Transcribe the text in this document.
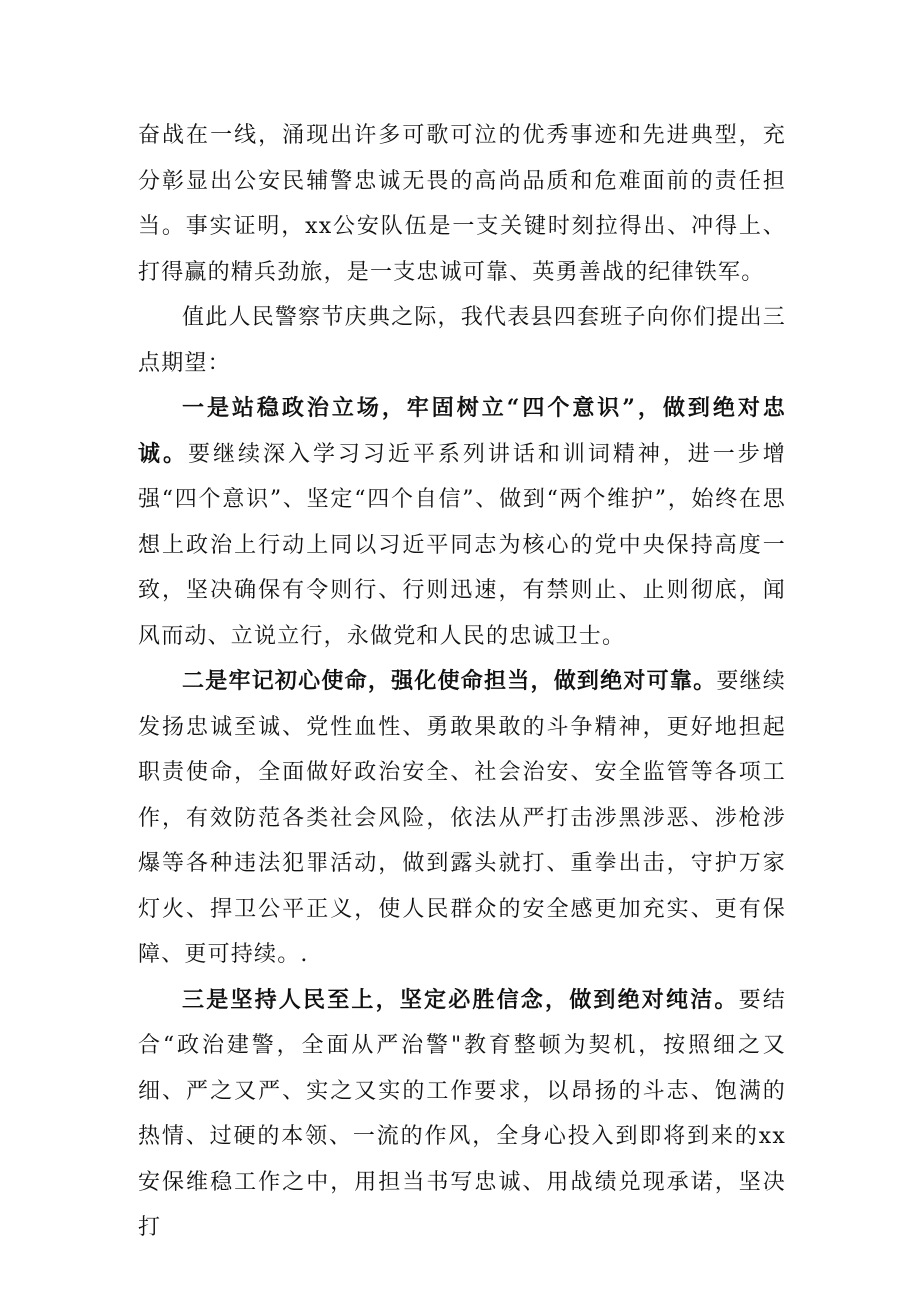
奋战在一线，涌现出许多可歌可泣的优秀事迹和先进典型，充分彰显出公安民辅警忠诚无畏的高尚品质和危难面前的责任担当。事实证明，xx公安队伍是一支关键时刻拉得出、冲得上、打得赢的精兵劲旅，是一支忠诚可靠、英勇善战的纪律铁军。

值此人民警察节庆典之际，我代表县四套班子向你们提出三点期望：

一是站稳政治立场，牢固树立“四个意识”，做到绝对忠诚。要继续深入学习习近平系列讲话和训词精神，进一步增强“四个意识”、坚定“四个自信”、做到“两个维护”，始终在思想上政治上行动上同以习近平同志为核心的党中央保持高度一致，坚决确保有令则行、行则迅速，有禁则止、止则彻底，闻风而动、立说立行，永做党和人民的忠诚卫士。

二是牢记初心使命，强化使命担当，做到绝对可靠。要继续发扬忠诚至诚、党性血性、勇敢果敢的斗争精神，更好地担起职责使命，全面做好政治安全、社会治安、安全监管等各项工作，有效防范各类社会风险，依法从严打击涉黑涉恶、涉枪涉爆等各种违法犯罪活动，做到露头就打、重拳出击，守护万家灯火、捍卫公平正义，使人民群众的安全感更加充实、更有保障、更可持续。.

三是坚持人民至上，坚定必胜信念，做到绝对纯洁。要结合“政治建警，全面从严治警"教育整顿为契机，按照细之又细、严之又严、实之又实的工作要求，以昂扬的斗志、饱满的热情、过硬的本领、一流的作风，全身心投入到即将到来的xx安保维稳工作之中，用担当书写忠诚、用战绩兑现承诺，坚决打
